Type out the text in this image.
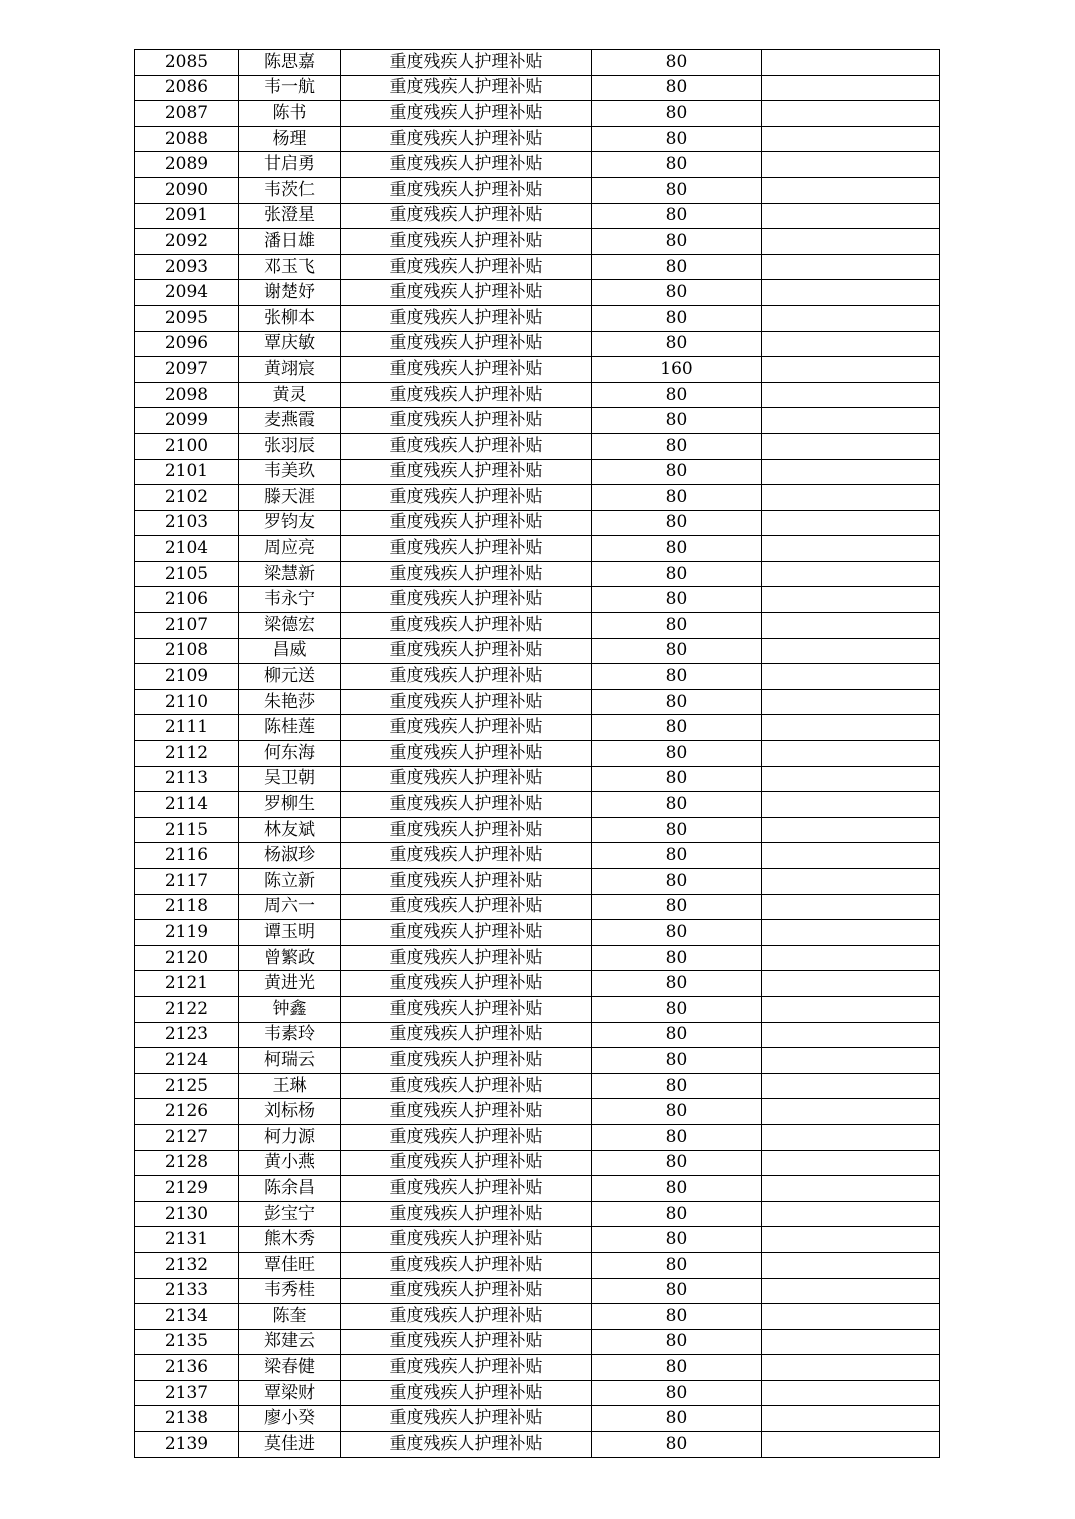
2085	陈思嘉	重度残疾人护理补贴	80	
2086	韦一航	重度残疾人护理补贴	80	
2087	陈书	重度残疾人护理补贴	80	
2088	杨理	重度残疾人护理补贴	80	
2089	甘启勇	重度残疾人护理补贴	80	
2090	韦茨仁	重度残疾人护理补贴	80	
2091	张澄星	重度残疾人护理补贴	80	
2092	潘日雄	重度残疾人护理补贴	80	
2093	邓玉飞	重度残疾人护理补贴	80	
2094	谢楚妤	重度残疾人护理补贴	80	
2095	张柳本	重度残疾人护理补贴	80	
2096	覃庆敏	重度残疾人护理补贴	80	
2097	黄翊宸	重度残疾人护理补贴	160	
2098	黄灵	重度残疾人护理补贴	80	
2099	麦燕霞	重度残疾人护理补贴	80	
2100	张羽辰	重度残疾人护理补贴	80	
2101	韦美玖	重度残疾人护理补贴	80	
2102	滕天涯	重度残疾人护理补贴	80	
2103	罗钧友	重度残疾人护理补贴	80	
2104	周应亮	重度残疾人护理补贴	80	
2105	梁慧新	重度残疾人护理补贴	80	
2106	韦永宁	重度残疾人护理补贴	80	
2107	梁德宏	重度残疾人护理补贴	80	
2108	昌威	重度残疾人护理补贴	80	
2109	柳元送	重度残疾人护理补贴	80	
2110	朱艳莎	重度残疾人护理补贴	80	
2111	陈桂莲	重度残疾人护理补贴	80	
2112	何东海	重度残疾人护理补贴	80	
2113	吴卫朝	重度残疾人护理补贴	80	
2114	罗柳生	重度残疾人护理补贴	80	
2115	林友斌	重度残疾人护理补贴	80	
2116	杨淑珍	重度残疾人护理补贴	80	
2117	陈立新	重度残疾人护理补贴	80	
2118	周六一	重度残疾人护理补贴	80	
2119	谭玉明	重度残疾人护理补贴	80	
2120	曾繁政	重度残疾人护理补贴	80	
2121	黄进光	重度残疾人护理补贴	80	
2122	钟鑫	重度残疾人护理补贴	80	
2123	韦素玲	重度残疾人护理补贴	80	
2124	柯瑞云	重度残疾人护理补贴	80	
2125	王琳	重度残疾人护理补贴	80	
2126	刘标杨	重度残疾人护理补贴	80	
2127	柯力源	重度残疾人护理补贴	80	
2128	黄小燕	重度残疾人护理补贴	80	
2129	陈余昌	重度残疾人护理补贴	80	
2130	彭宝宁	重度残疾人护理补贴	80	
2131	熊木秀	重度残疾人护理补贴	80	
2132	覃佳旺	重度残疾人护理补贴	80	
2133	韦秀桂	重度残疾人护理补贴	80	
2134	陈奎	重度残疾人护理补贴	80	
2135	郑建云	重度残疾人护理补贴	80	
2136	梁春健	重度残疾人护理补贴	80	
2137	覃梁财	重度残疾人护理补贴	80	
2138	廖小癸	重度残疾人护理补贴	80	
2139	莫佳进	重度残疾人护理补贴	80	
